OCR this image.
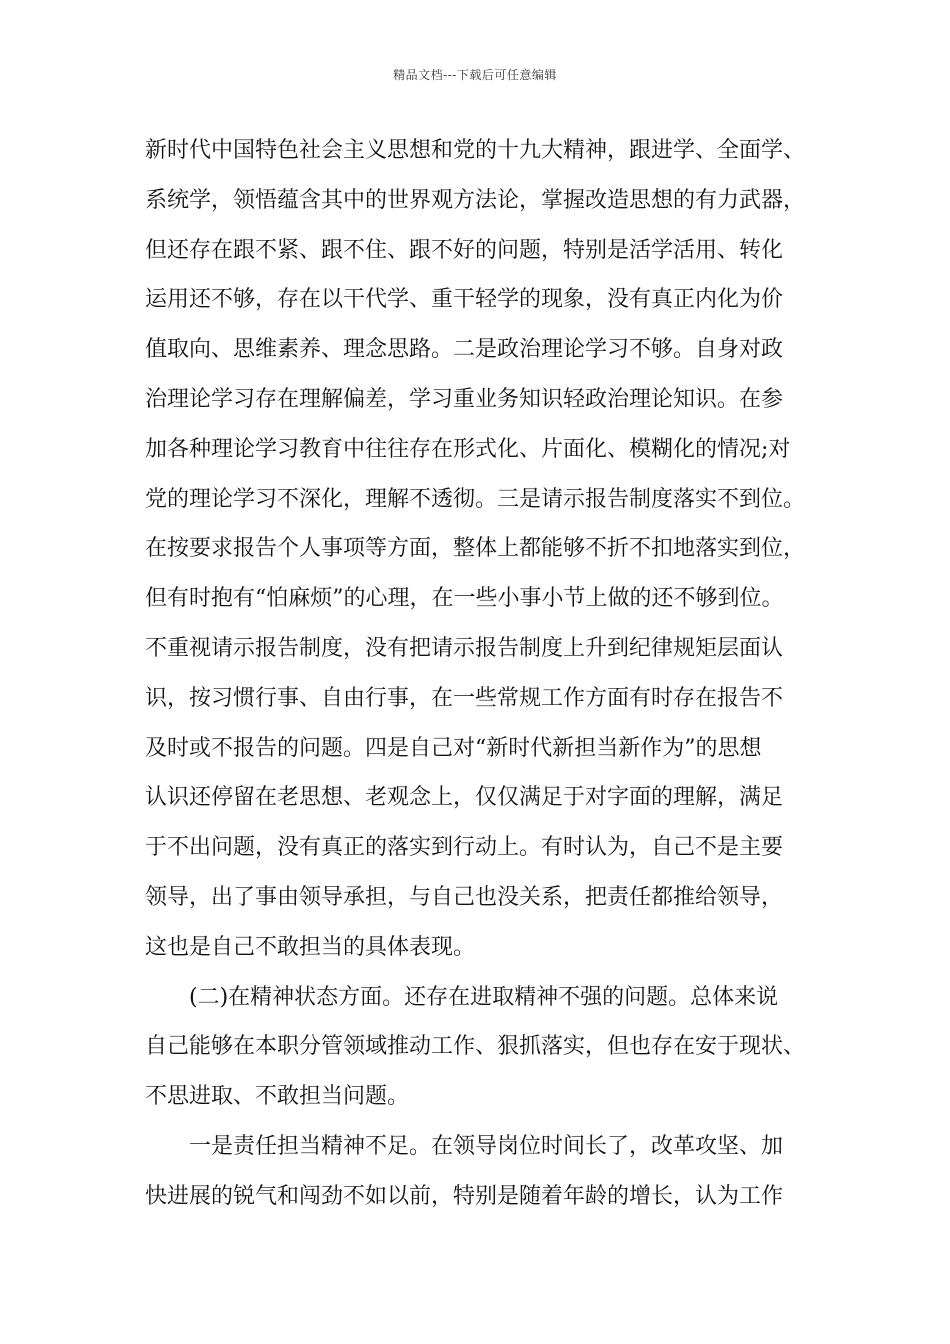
精品文档---下载后可任意编辑
新时代中国特色社会主义思想和党的十九大精神，跟进学、全面学、
系统学，领悟蕴含其中的世界观方法论，掌握改造思想的有力武器，
但还存在跟不紧、跟不住、跟不好的问题，特别是活学活用、转化
运用还不够，存在以干代学、重干轻学的现象，没有真正内化为价
值取向、思维素养、理念思路。二是政治理论学习不够。自身对政
治理论学习存在理解偏差，学习重业务知识轻政治理论知识。在参
加各种理论学习教育中往往存在形式化、片面化、模糊化的情况;对
党的理论学习不深化，理解不透彻。三是请示报告制度落实不到位。
在按要求报告个人事项等方面，整体上都能够不折不扣地落实到位，
但有时抱有“怕麻烦”的心理，在一些小事小节上做的还不够到位。
不重视请示报告制度，没有把请示报告制度上升到纪律规矩层面认
识，按习惯行事、自由行事，在一些常规工作方面有时存在报告不
及时或不报告的问题。四是自己对“新时代新担当新作为”的思想
认识还停留在老思想、老观念上，仅仅满足于对字面的理解，满足
于不出问题，没有真正的落实到行动上。有时认为，自己不是主要
领导，出了事由领导承担，与自己也没关系，把责任都推给领导，
这也是自己不敢担当的具体表现。
(二)在精神状态方面。还存在进取精神不强的问题。总体来说
自己能够在本职分管领域推动工作、狠抓落实，但也存在安于现状、
不思进取、不敢担当问题。
一是责任担当精神不足。在领导岗位时间长了，改革攻坚、加
快进展的锐气和闯劲不如以前，特别是随着年龄的增长，认为工作
